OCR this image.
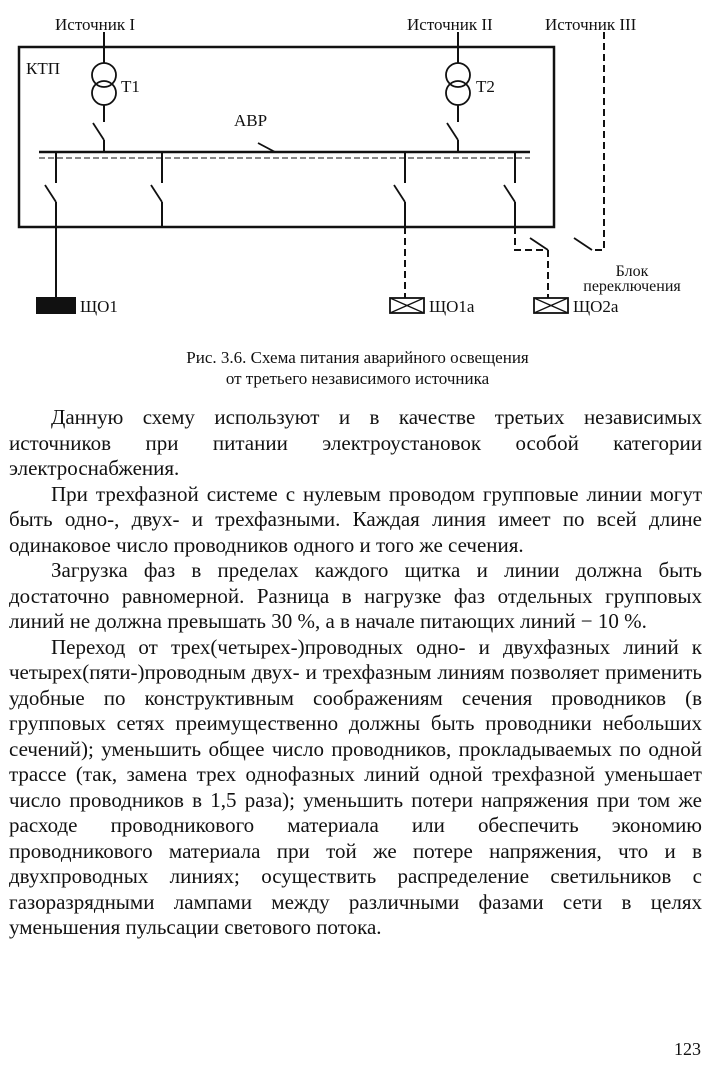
Источник I	Источник II	Источник III
КТП
Т1	Т2
АВР
Блок
переключения
ЩО1	ЩО1а	ЩО2а
Рис. 3.6. Схема питания аварийного освещения
от третьего независимого источника

Данную схему используют и в качестве третьих независимых источников при питании электроустановок особой категории электроснабжения.

При трехфазной системе с нулевым проводом групповые линии могут быть одно-, двух- и трехфазными. Каждая линия имеет по всей длине одинаковое число проводников одного и того же сечения.

Загрузка фаз в пределах каждого щитка и линии должна быть достаточно равномерной. Разница в нагрузке фаз отдельных групповых линий не должна превышать 30 %, а в начале питающих линий − 10 %.

Переход от трех(четырех-)проводных одно- и двухфазных линий к четырех(пяти-)проводным двух- и трехфазным линиям позволяет применить удобные по конструктивным соображениям сечения проводников (в групповых сетях преимущественно должны быть проводники небольших сечений); уменьшить общее число проводников, прокладываемых по одной трассе (так, замена трех однофазных линий одной трехфазной уменьшает число проводников в 1,5 раза); уменьшить потери напряжения при том же расходе проводникового материала или обеспечить экономию проводникового материала при той же потере напряжения, что и в двухпроводных линиях; осуществить распределение светильников с газоразрядными лампами между различными фазами сети в целях уменьшения пульсации светового потока.

123
